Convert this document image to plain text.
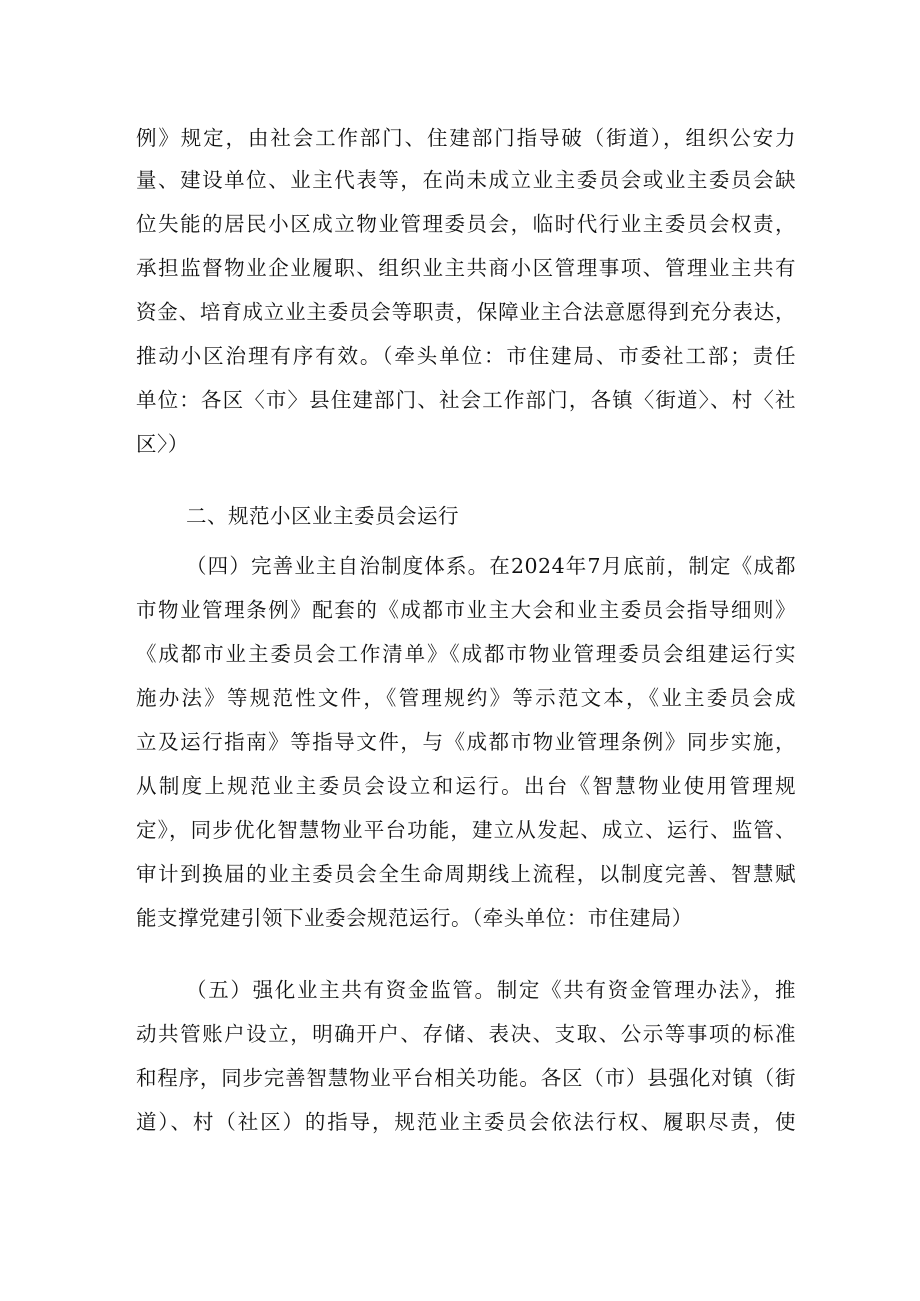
例》规定，由社会工作部门、住建部门指导破（街道），组织公安力
量、建设单位、业主代表等，在尚未成立业主委员会或业主委员会缺
位失能的居民小区成立物业管理委员会，临时代行业主委员会权责，
承担监督物业企业履职、组织业主共商小区管理事项、管理业主共有
资金、培育成立业主委员会等职责，保障业主合法意愿得到充分表达，
推动小区治理有序有效。（牵头单位：市住建局、市委社工部；责任
单位：各区〈市〉县住建部门、社会工作部门，各镇〈街道〉、村〈社
区〉）
二、规范小区业主委员会运行
（四）完善业主自治制度体系。在2024年7月底前，制定《成都
市物业管理条例》配套的《成都市业主大会和业主委员会指导细则》
《成都市业主委员会工作清单》《成都市物业管理委员会组建运行实
施办法》等规范性文件，《管理规约》等示范文本，《业主委员会成
立及运行指南》等指导文件，与《成都市物业管理条例》同步实施，
从制度上规范业主委员会设立和运行。出台《智慧物业使用管理规
定》，同步优化智慧物业平台功能，建立从发起、成立、运行、监管、
审计到换届的业主委员会全生命周期线上流程，以制度完善、智慧赋
能支撑党建引领下业委会规范运行。（牵头单位：市住建局）
（五）强化业主共有资金监管。制定《共有资金管理办法》，推
动共管账户设立，明确开户、存储、表决、支取、公示等事项的标准
和程序，同步完善智慧物业平台相关功能。各区（市）县强化对镇（街
道）、村（社区）的指导，规范业主委员会依法行权、履职尽责，使
